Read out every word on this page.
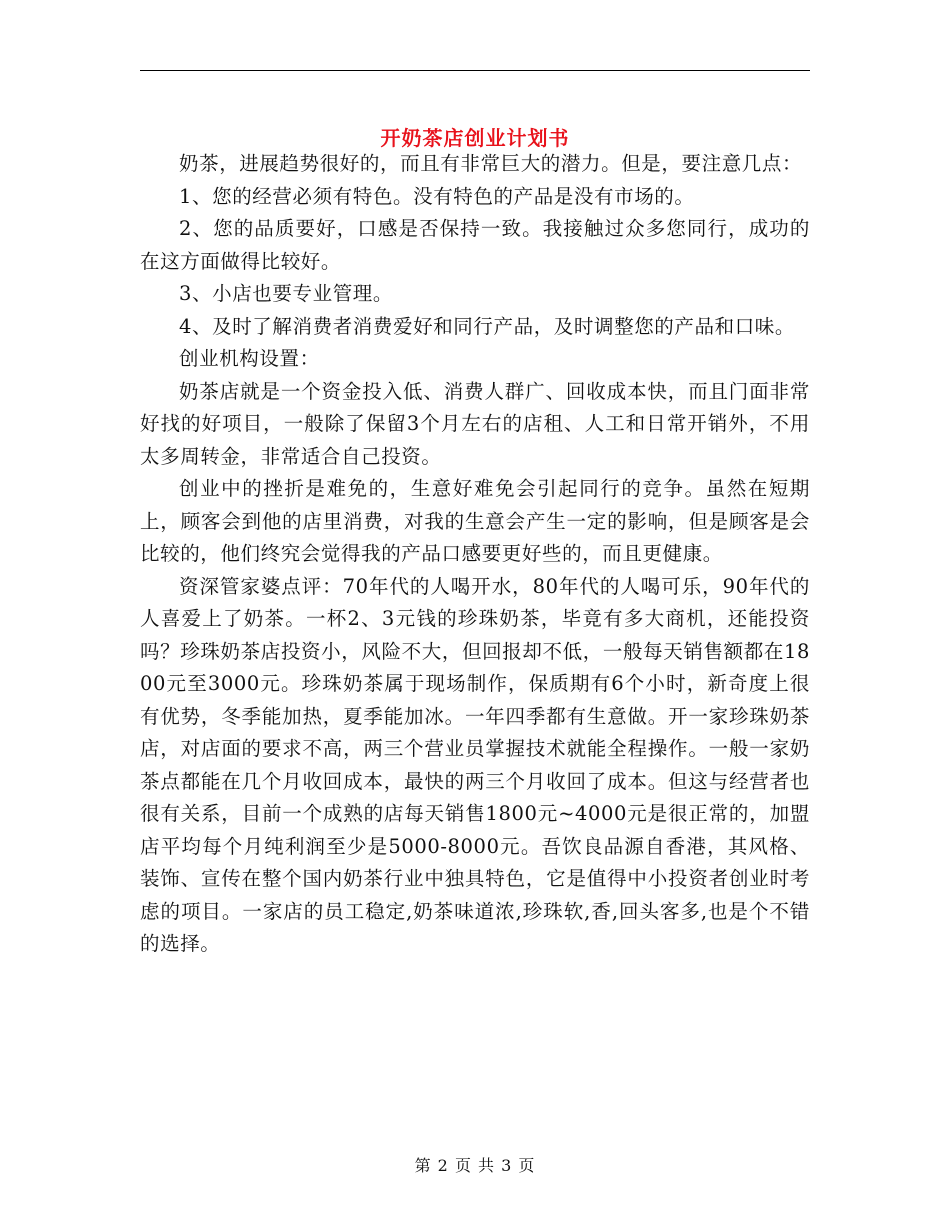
开奶茶店创业计划书

奶茶，进展趋势很好的，而且有非常巨大的潜力。但是，要注意几点：

1、您的经营必须有特色。没有特色的产品是没有市场的。

2、您的品质要好，口感是否保持一致。我接触过众多您同行，成功的在这方面做得比较好。

3、小店也要专业管理。

4、及时了解消费者消费爱好和同行产品，及时调整您的产品和口味。

创业机构设置：

奶茶店就是一个资金投入低、消费人群广、回收成本快，而且门面非常好找的好项目，一般除了保留3个月左右的店租、人工和日常开销外，不用太多周转金，非常适合自己投资。

创业中的挫折是难免的，生意好难免会引起同行的竞争。虽然在短期上，顾客会到他的店里消费，对我的生意会产生一定的影响，但是顾客是会比较的，他们终究会觉得我的产品口感要更好些的，而且更健康。

资深管家婆点评：70年代的人喝开水，80年代的人喝可乐，90年代的人喜爱上了奶茶。一杯2、3元钱的珍珠奶茶，毕竟有多大商机，还能投资吗？珍珠奶茶店投资小，风险不大，但回报却不低，一般每天销售额都在1800元至3000元。珍珠奶茶属于现场制作，保质期有6个小时，新奇度上很有优势，冬季能加热，夏季能加冰。一年四季都有生意做。开一家珍珠奶茶店，对店面的要求不高，两三个营业员掌握技术就能全程操作。一般一家奶茶点都能在几个月收回成本，最快的两三个月收回了成本。但这与经营者也很有关系，目前一个成熟的店每天销售1800元~4000元是很正常的，加盟店平均每个月纯利润至少是5000-8000元。吾饮良品源自香港，其风格、装饰、宣传在整个国内奶茶行业中独具特色，它是值得中小投资者创业时考虑的项目。一家店的员工稳定,奶茶味道浓,珍珠软,香,回头客多,也是个不错的选择。

第 2 页 共 3 页
